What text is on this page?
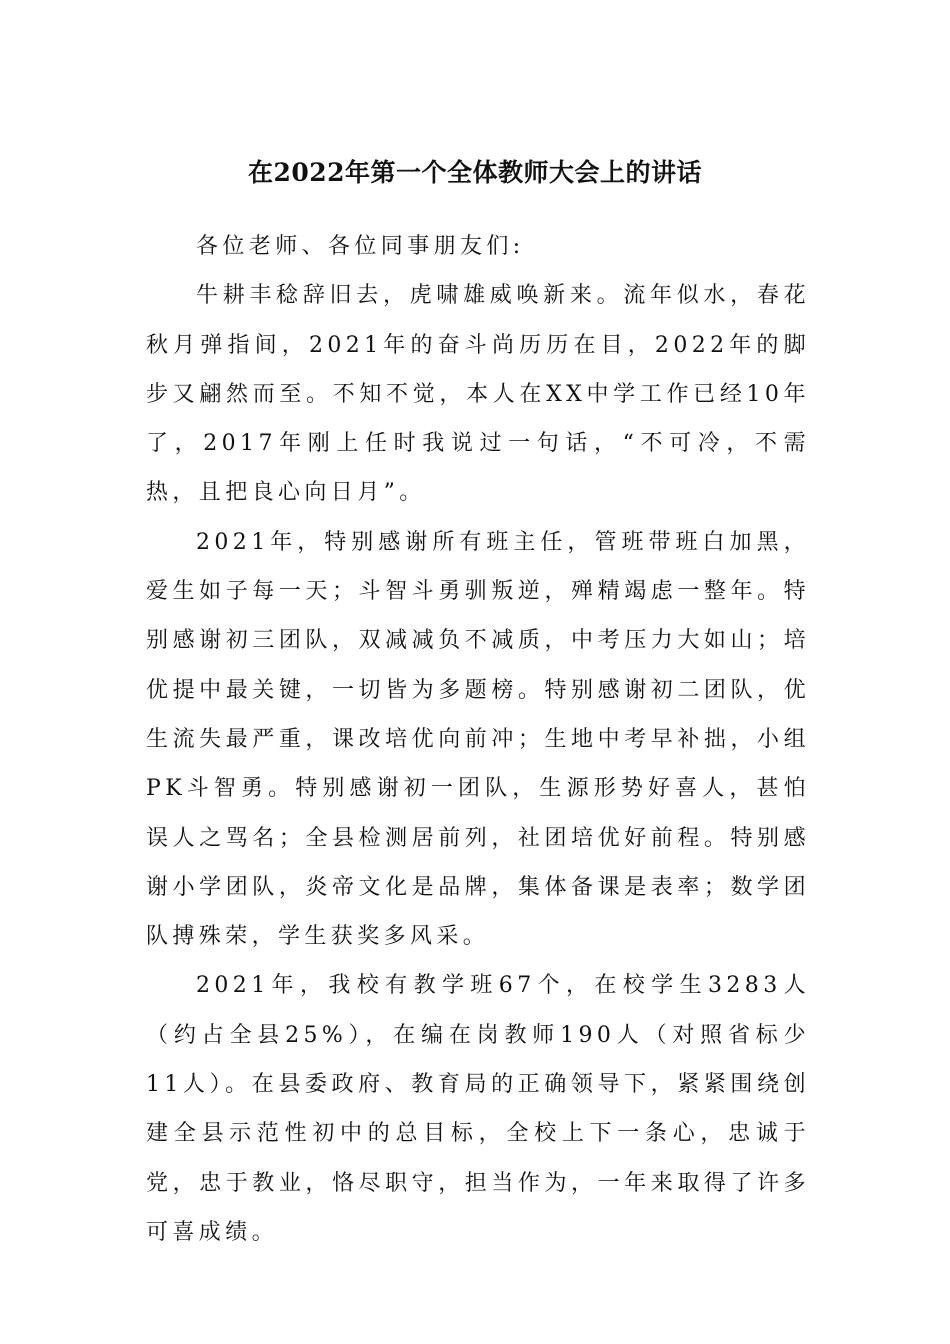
在2022年第一个全体教师大会上的讲话

各位老师、各位同事朋友们:

牛耕丰稔辞旧去，虎啸雄威唤新来。流年似水，春花秋月弹指间，2021年的奋斗尚历历在目，2022年的脚步又翩然而至。不知不觉，本人在XX中学工作已经10年了，2017年刚上任时我说过一句话，“不可冷，不需热，且把良心向日月”。

2021年，特别感谢所有班主任，管班带班白加黑，爱生如子每一天；斗智斗勇驯叛逆，殚精竭虑一整年。特别感谢初三团队，双减减负不减质，中考压力大如山；培优提中最关键，一切皆为多题榜。特别感谢初二团队，优生流失最严重，课改培优向前冲；生地中考早补拙，小组PK斗智勇。特别感谢初一团队，生源形势好喜人，甚怕误人之骂名；全县检测居前列，社团培优好前程。特别感谢小学团队，炎帝文化是品牌，集体备课是表率；数学团队搏殊荣，学生获奖多风采。

2021年，我校有教学班67个，在校学生3283人（约占全县25%），在编在岗教师190人（对照省标少11人）。在县委政府、教育局的正确领导下，紧紧围绕创建全县示范性初中的总目标，全校上下一条心，忠诚于党，忠于教业，恪尽职守，担当作为，一年来取得了许多可喜成绩。
